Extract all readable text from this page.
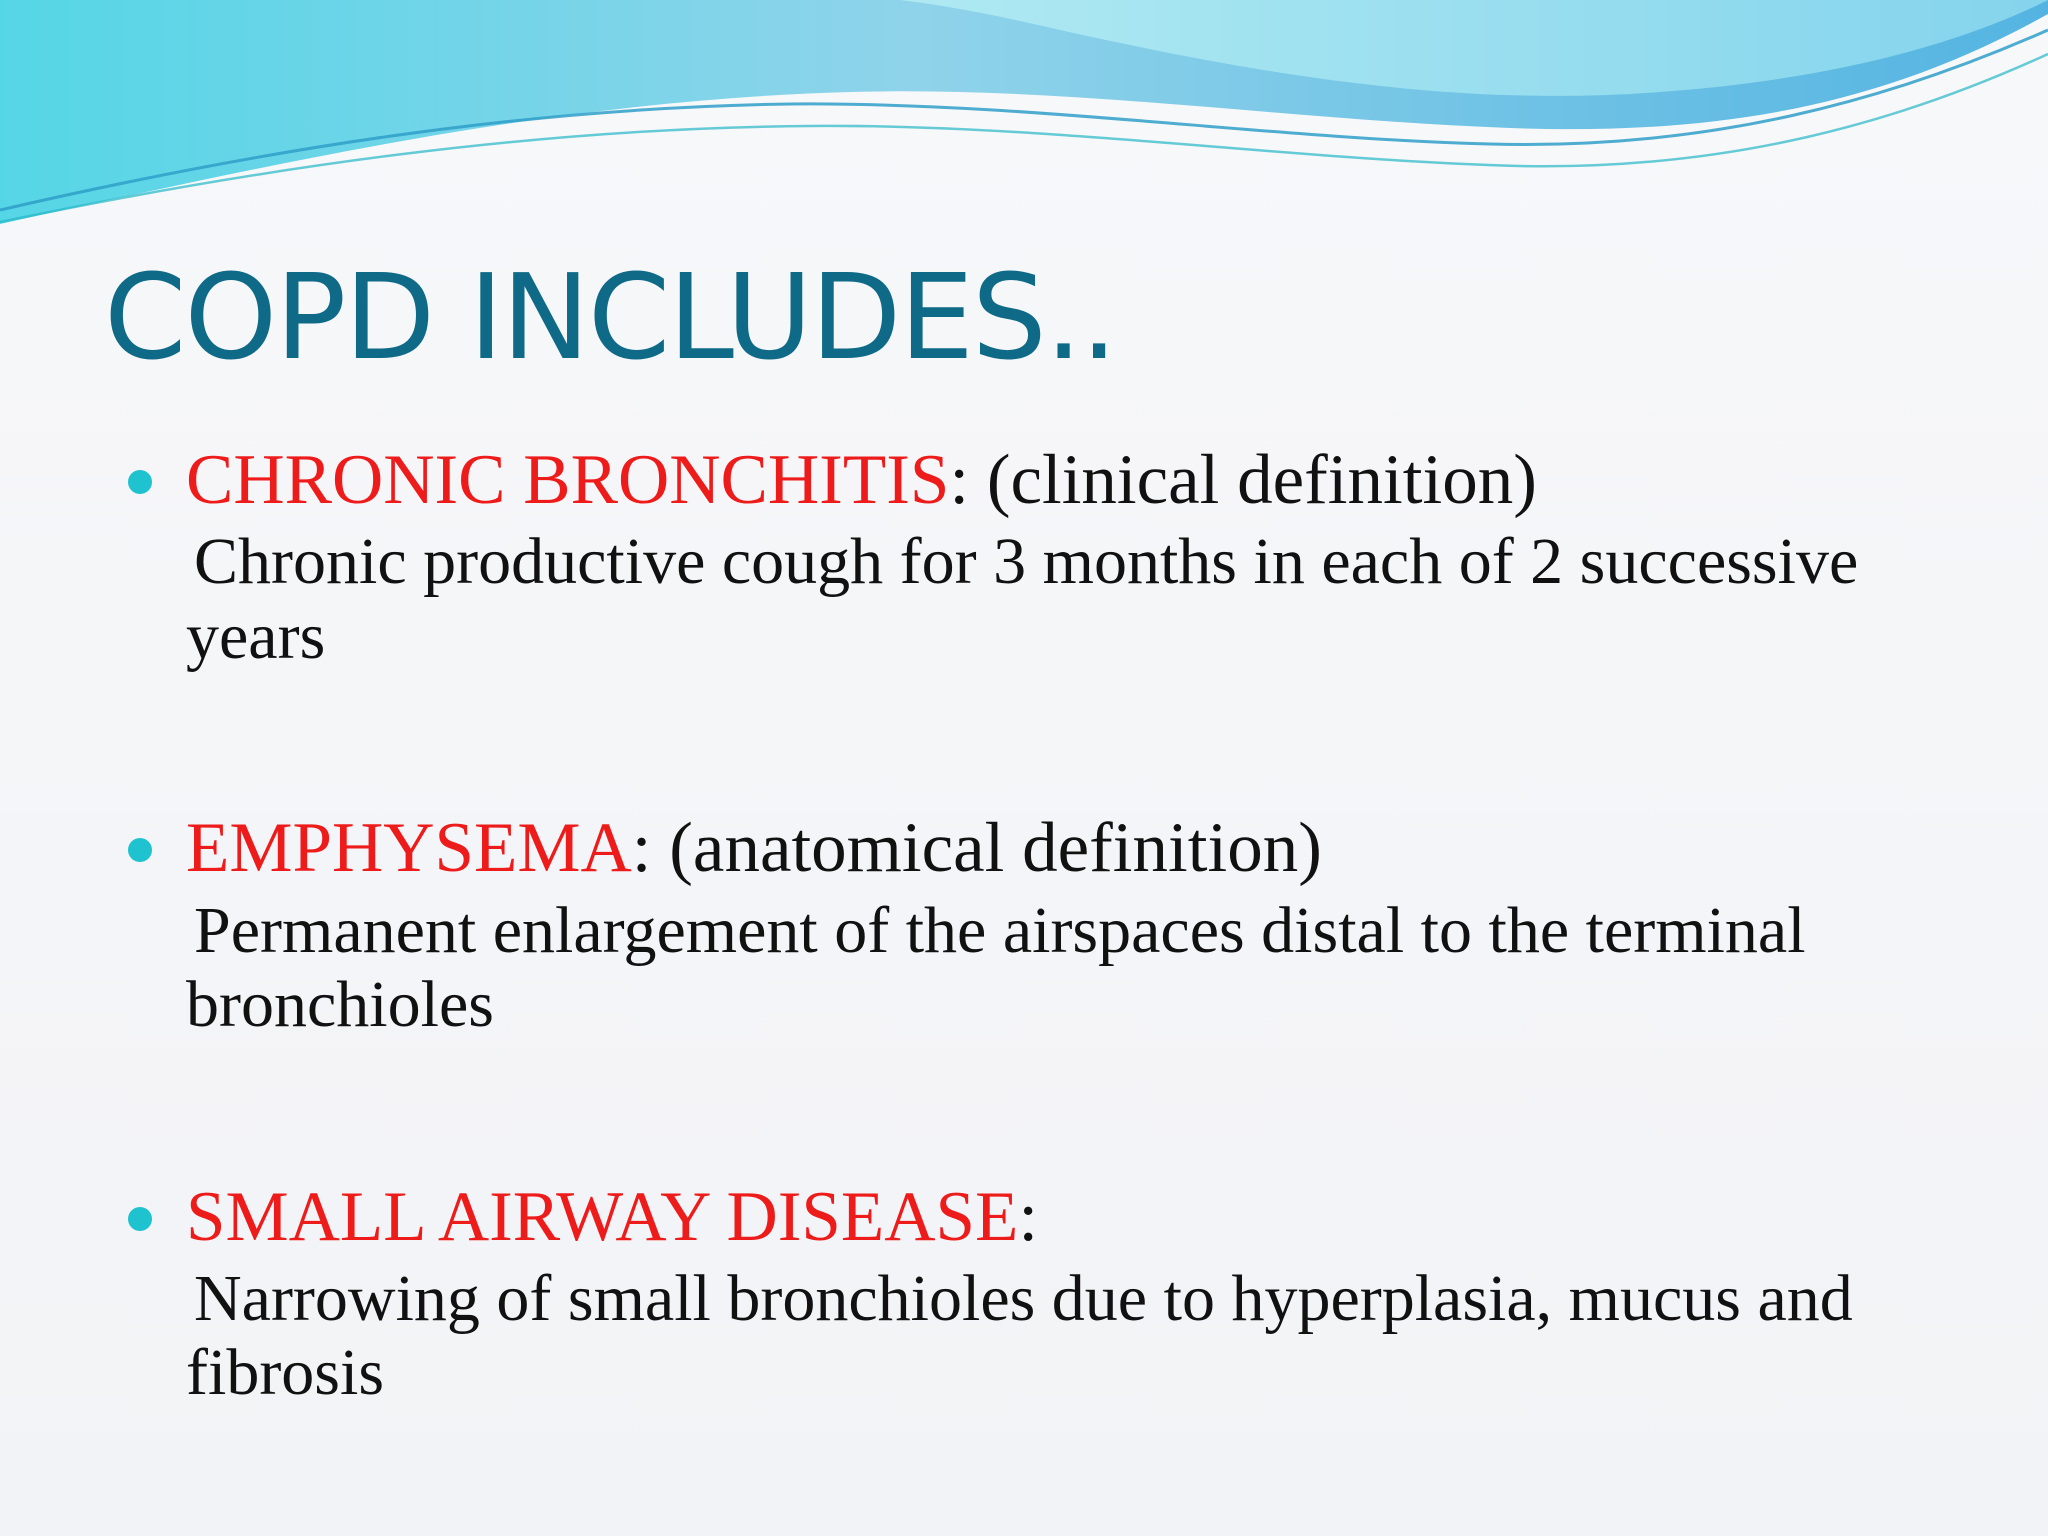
COPD INCLUDES..
CHRONIC BRONCHITIS: (clinical definition)
Chronic productive cough for 3 months in each of 2 successive years
EMPHYSEMA: (anatomical definition)
Permanent enlargement of the airspaces distal to the terminal bronchioles
SMALL AIRWAY DISEASE:
Narrowing of small bronchioles due to hyperplasia, mucus and fibrosis
